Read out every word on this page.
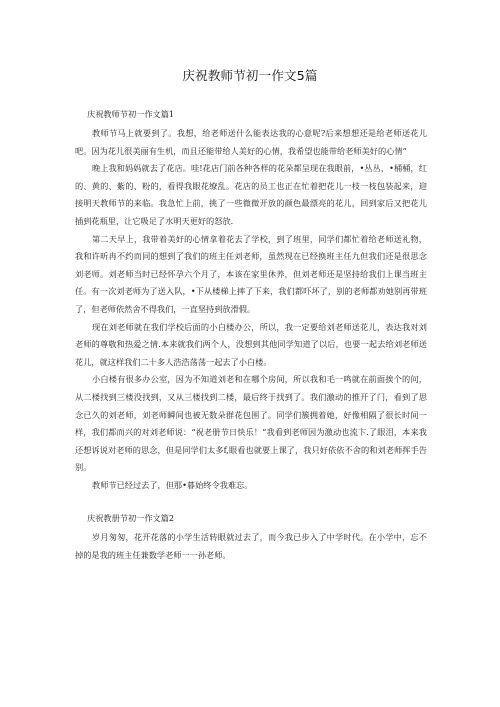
庆祝教师节初一作文5篇
庆祝教师节初一作文篇1

教师节马上就要到了。我想，给老师送什么能表达我的心意呢?后来想想还是给老师送花儿吧。因为花儿很美丽有生机，而且还能带给人美好的心情，我希望也能带给老师美好的心情“

晚上我和妈妈就去了花店。哇!花店门前各种各样的花朵都呈现在我眼前，•丛丛，•桶桶，红的、黄的、紫的、粉的，看得我眼花缭乱。花店的员工也正在忙着把花儿一枝一枝包装起来，迎接明天教师节的来临。我急忙上前，挑了一些微微开放的颜色最漂亮的花儿，回到家后又把花儿插到花瓶里，让它吸足了水明天更好的怒放.

第二天早上，我带着美好的心情拿着花去了学校，到了班里，同学们都忙着给老师送礼物，我和许昕冉不约而同的想到了我们的班主任刘老师，虽然现在已经换班主任九但我们还是很思念刘老师。刘老师当时已经怀孕六个月了，本该在家里休养，但刘老师还是坚持给我们上课当班主任。有一次刘老师为了送入队，•下从楼梯上摔了下来，我们都吓坏了，别的老师都劝她别再带班了，但老师依然舍不得我们，一直坚持到放滑假。

现在刘老师就在我们学校后面的小白楼办公，所以，我一定要给刘老师送花儿，表达我对刘老师的尊敬和热爱之情.本来就我们两个人，没想到其他同学知道了以后，也要一起去给刘老师送花儿，就这样我们二十多人浩浩荡荡一起去了小白楼。

小白楼有很多办公室，因为不知道刘老和在哪个房间，所以我和毛一鸣就在前面挨个的问，从二楼找到三楼没找到，又从三楼找到二楼，最后终于找到了。我们激动的推开了门，看到了思念已久的刘老师，刘老师瞬间也被无数朵群花包围了。同学们簇拥着她，好像相隔了很长时间一样，我们都而兴的对刘老师说：“祝老册节日快乐！“我看到老师因为激动也流卞.了眼泪，本来我还想诉说对老师的思念，但是同学们太多f,眼看也就要上课了，我只好依依不舍的和刘老师挥手告别。

教师节已经过去了，但那•暮始终令我难忘。

庆祝教册节初一作文篇2

岁月匆匆，花开花落的小学生活转眼就过去了，而今我已步入了中学时代。在小学中，忘不掉的是我的班主任兼数学老师一一孙老师。
